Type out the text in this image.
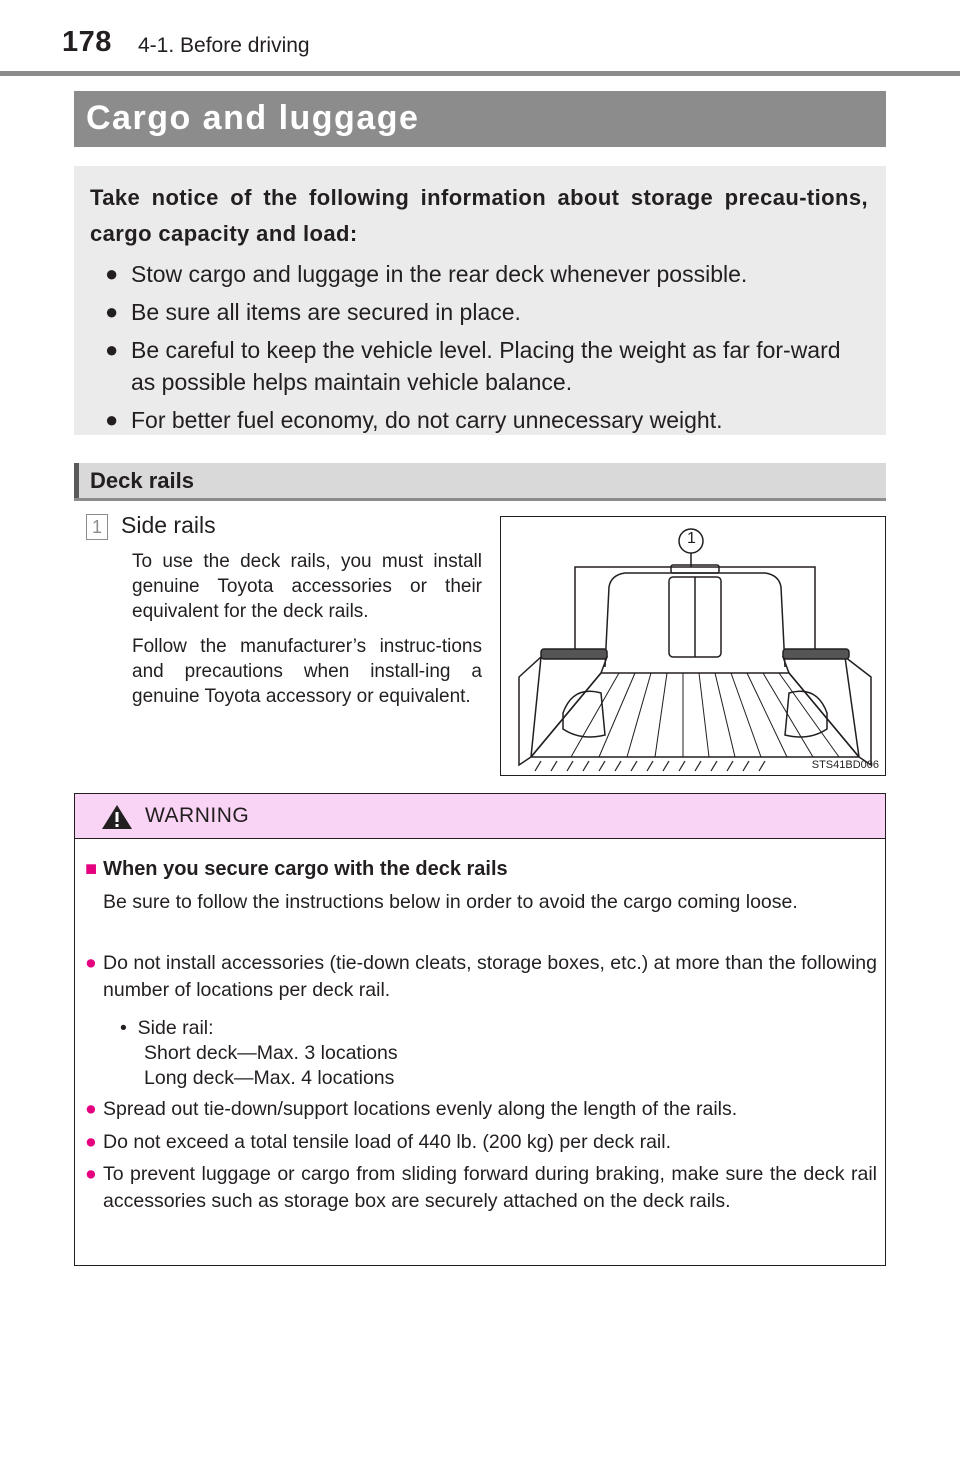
178 4-1. Before driving
Cargo and luggage
Take notice of the following information about storage precau-tions, cargo capacity and load:
● Stow cargo and luggage in the rear deck whenever possible.
● Be sure all items are secured in place.
● Be careful to keep the vehicle level. Placing the weight as far for-ward as possible helps maintain vehicle balance.
● For better fuel economy, do not carry unnecessary weight.
Deck rails
1 Side rails

To use the deck rails, you must install genuine Toyota accessories or their equivalent for the deck rails.

Follow the manufacturer’s instruc-tions and precautions when install-ing a genuine Toyota accessory or equivalent.

1
STS41BD006
WARNING
■ When you secure cargo with the deck rails
Be sure to follow the instructions below in order to avoid the cargo coming loose.
● Do not install accessories (tie-down cleats, storage boxes, etc.) at more than the following number of locations per deck rail.
• Side rail:
Short deck—Max. 3 locations
Long deck—Max. 4 locations
● Spread out tie-down/support locations evenly along the length of the rails.
● Do not exceed a total tensile load of 440 lb. (200 kg) per deck rail.
● To prevent luggage or cargo from sliding forward during braking, make sure the deck rail accessories such as storage box are securely attached on the deck rails.
